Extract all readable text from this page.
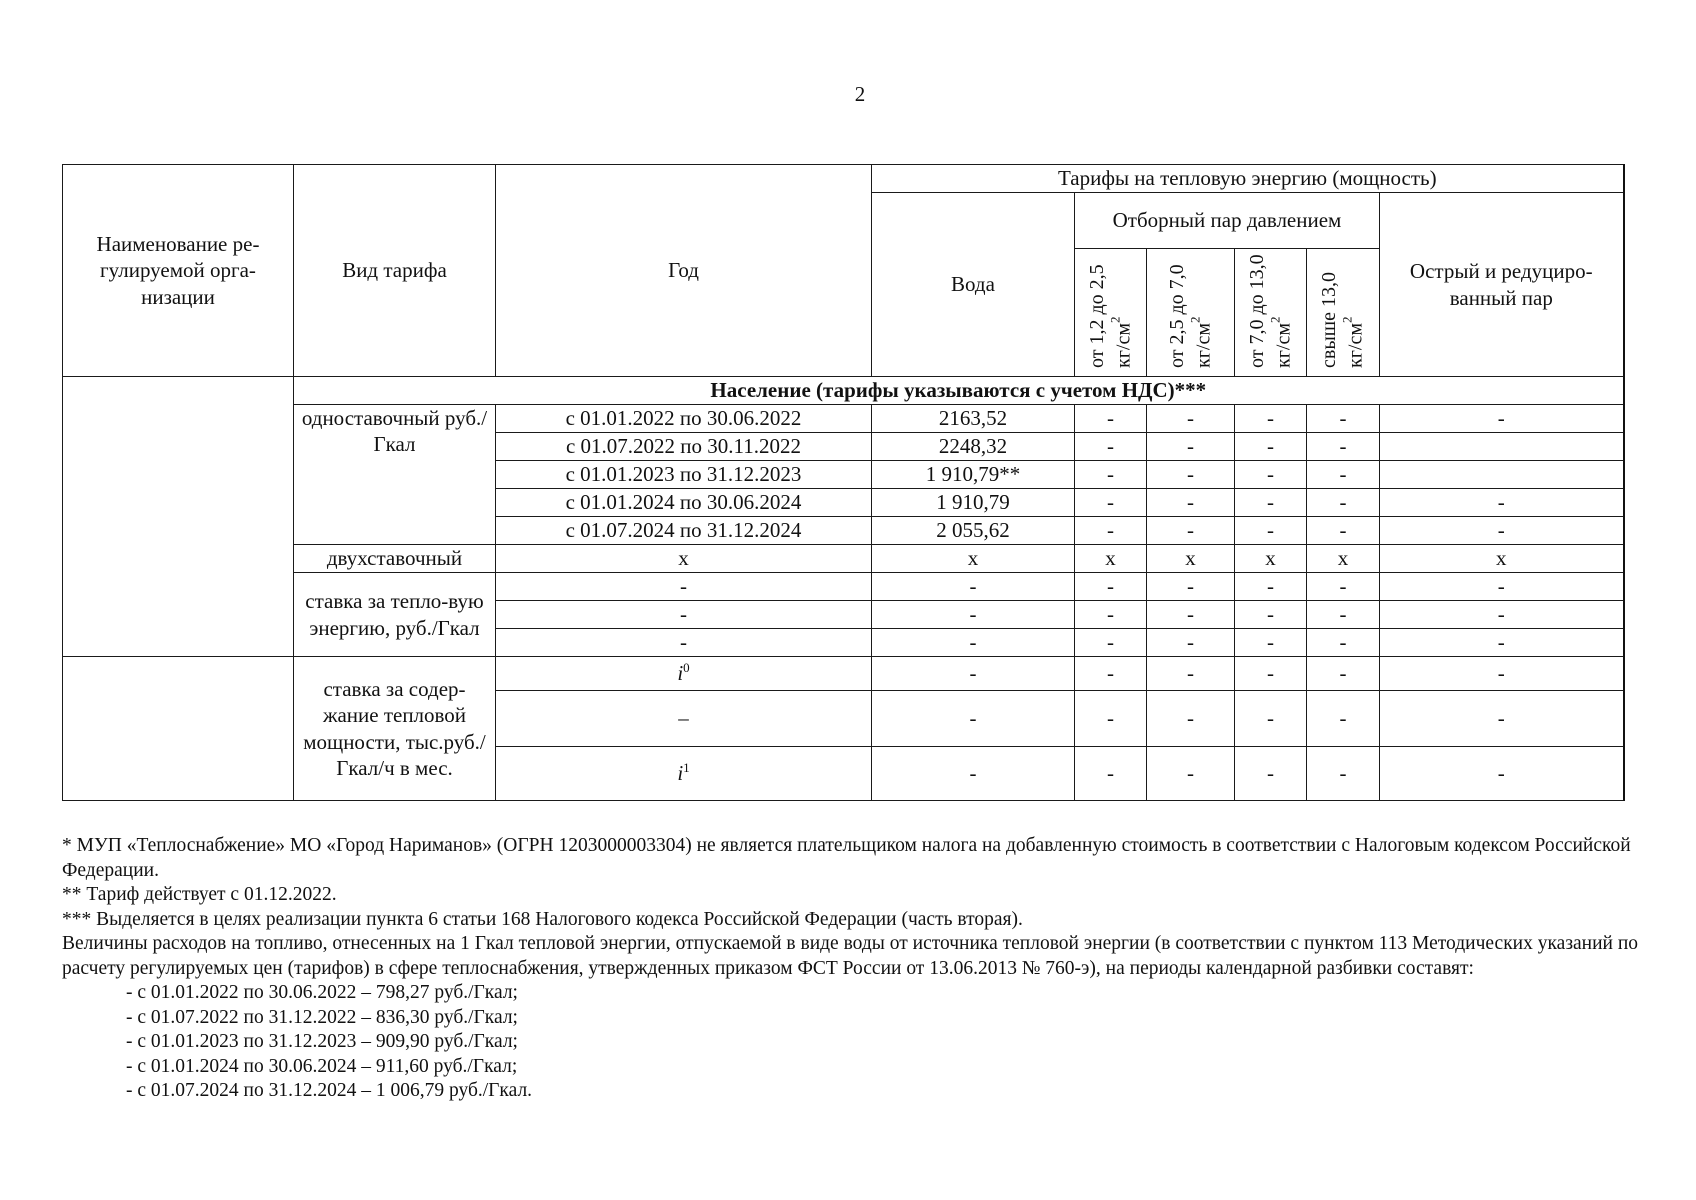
2
Наименование ре-гулируемой орга-низации	Вид тарифа	Год	Тарифы на тепловую энергию (мощность)					
			Вода	Отборный пар давлением				Острый и редуциро-ванный пар
				от 1,2 до 2,5 $кг/см^2$	от 2,5 до 7,0 $кг/см^2$	от 7,0 до 13,0 $кг/см^2$	свыше 13,0 $кг/см^2$
	Население (тарифы указываются с учетом НДС)***							
	одноставочный руб./Гкал	с 01.01.2022 по 30.06.2022	2163,52	-	-	-	-	-
		с 01.07.2022 по 30.11.2022	2248,32	-	-	-	-	
		с 01.01.2023 по 31.12.2023	1 910,79**	-	-	-	-	
		с 01.01.2024 по 30.06.2024	1 910,79	-	-	-	-	-
		с 01.07.2024 по 31.12.2024	2 055,62	-	-	-	-	-
	двухставочный	x	x	x	x	x	x	x
	ставка за тепло-вую энергию, руб./Гкал	-	-	-	-	-	-	-
		-	-	-	-	-	-	-
		-	-	-	-	-	-	-
	ставка за содер-жание тепловой мощности, тыс.руб./Гкал/ч в мес.	$i^0$	-	-	-	-	-	-
		–	-	-	-	-	-	-
		$i^1$	-	-	-	-	-	-

* МУП «Теплоснабжение» МО «Город Нариманов» (ОГРН 1203000003304) не является плательщиком налога на добавленную стоимость в соответствии с Налоговым кодексом Российской Федерации.

** Тариф действует с 01.12.2022.

*** Выделяется в целях реализации пункта 6 статьи 168 Налогового кодекса Российской Федерации (часть вторая).

Величины расходов на топливо, отнесенных на 1 Гкал тепловой энергии, отпускаемой в виде воды от источника тепловой энергии (в соответствии с пунктом 113 Методических указаний по расчету регулируемых цен (тарифов) в сфере теплоснабжения, утвержденных приказом ФСТ России от 13.06.2013 № 760-э), на периоды календарной разбивки составят:

- с 01.01.2022 по 30.06.2022 – 798,27 руб./Гкал;
- с 01.07.2022 по 31.12.2022 – 836,30 руб./Гкал;
- с 01.01.2023 по 31.12.2023 – 909,90 руб./Гкал;
- с 01.01.2024 по 30.06.2024 – 911,60 руб./Гкал;
- с 01.07.2024 по 31.12.2024 – 1 006,79 руб./Гкал.
